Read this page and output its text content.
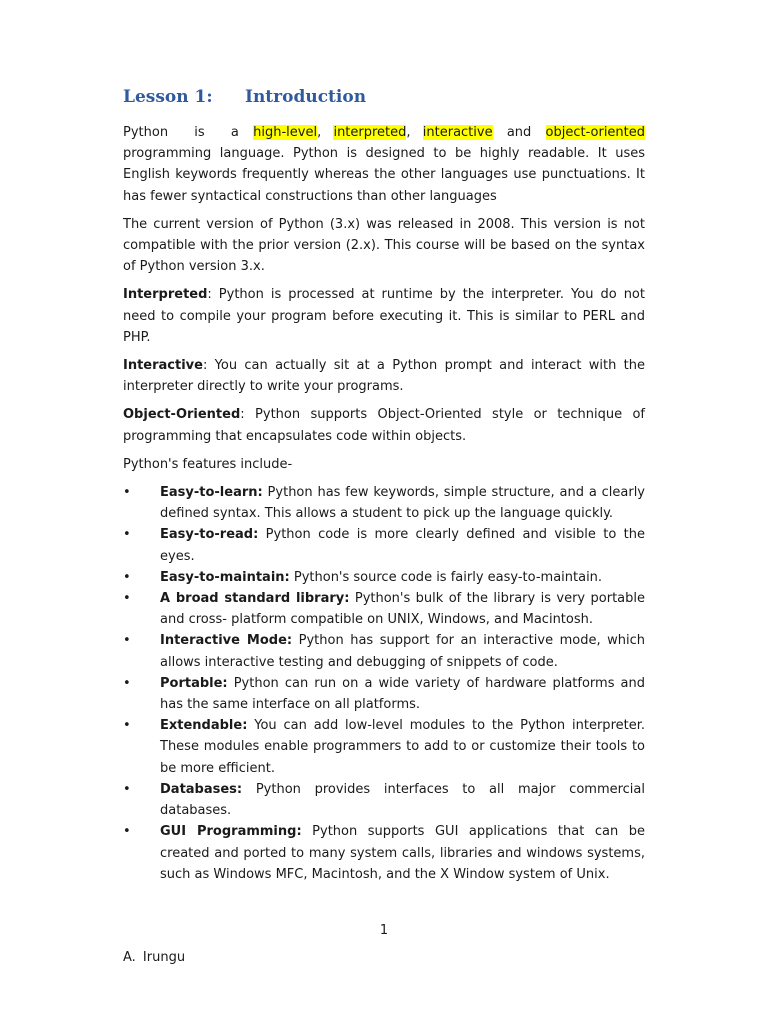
Lesson 1: Introduction

Python is a high-level, interpreted, interactive and object-oriented programming language. Python is designed to be highly readable. It uses English keywords frequently whereas the other languages use punctuations. It has fewer syntactical constructions than other languages

The current version of Python (3.x) was released in 2008. This version is not compatible with the prior version (2.x). This course will be based on the syntax of Python version 3.x.

Interpreted: Python is processed at runtime by the interpreter. You do not need to compile your program before executing it. This is similar to PERL and PHP.

Interactive: You can actually sit at a Python prompt and interact with the interpreter directly to write your programs.

Object-Oriented: Python supports Object-Oriented style or technique of programming that encapsulates code within objects.

Python's features include-

• Easy-to-learn: Python has few keywords, simple structure, and a clearly defined syntax. This allows a student to pick up the language quickly.
• Easy-to-read: Python code is more clearly defined and visible to the eyes.
• Easy-to-maintain: Python's source code is fairly easy-to-maintain.
• A broad standard library: Python's bulk of the library is very portable and cross- platform compatible on UNIX, Windows, and Macintosh.
• Interactive Mode: Python has support for an interactive mode, which allows interactive testing and debugging of snippets of code.
• Portable: Python can run on a wide variety of hardware platforms and has the same interface on all platforms.
• Extendable: You can add low-level modules to the Python interpreter. These modules enable programmers to add to or customize their tools to be more efficient.
• Databases: Python provides interfaces to all major commercial databases.
• GUI Programming: Python supports GUI applications that can be created and ported to many system calls, libraries and windows systems, such as Windows MFC, Macintosh, and the X Window system of Unix.
1
A. Irungu
